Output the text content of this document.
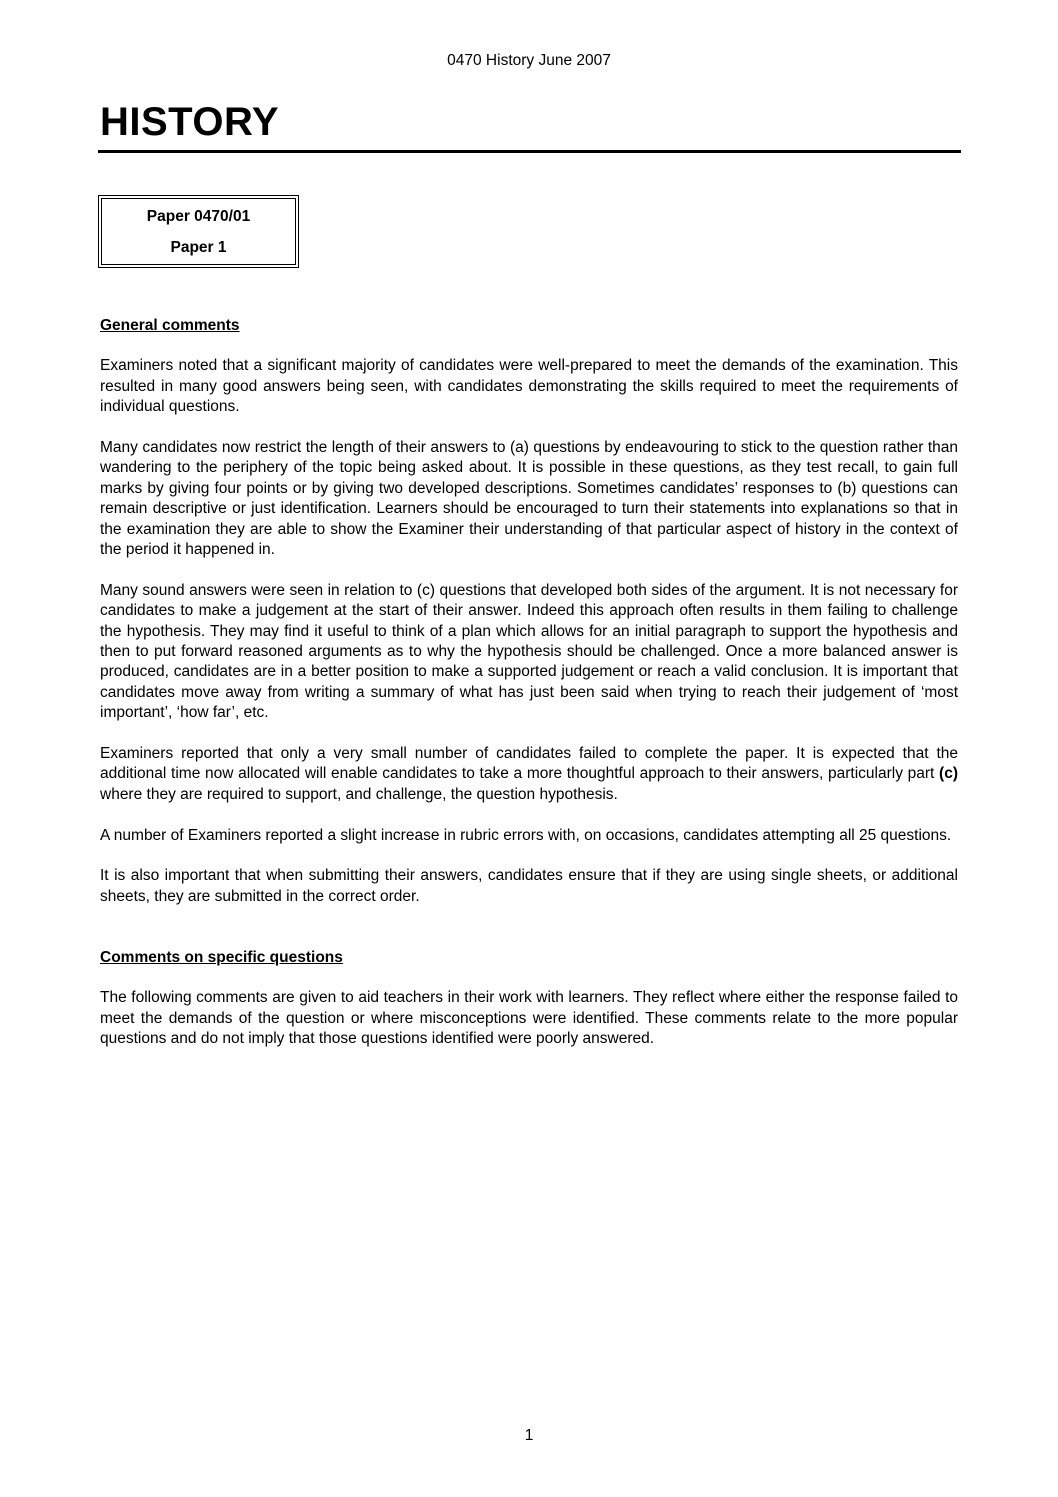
0470 History June 2007
HISTORY
Paper 0470/01
Paper 1
General comments

Examiners noted that a significant majority of candidates were well-prepared to meet the demands of the examination. This resulted in many good answers being seen, with candidates demonstrating the skills required to meet the requirements of individual questions.

Many candidates now restrict the length of their answers to (a) questions by endeavouring to stick to the question rather than wandering to the periphery of the topic being asked about. It is possible in these questions, as they test recall, to gain full marks by giving four points or by giving two developed descriptions. Sometimes candidates’ responses to (b) questions can remain descriptive or just identification. Learners should be encouraged to turn their statements into explanations so that in the examination they are able to show the Examiner their understanding of that particular aspect of history in the context of the period it happened in.

Many sound answers were seen in relation to (c) questions that developed both sides of the argument. It is not necessary for candidates to make a judgement at the start of their answer. Indeed this approach often results in them failing to challenge the hypothesis. They may find it useful to think of a plan which allows for an initial paragraph to support the hypothesis and then to put forward reasoned arguments as to why the hypothesis should be challenged. Once a more balanced answer is produced, candidates are in a better position to make a supported judgement or reach a valid conclusion. It is important that candidates move away from writing a summary of what has just been said when trying to reach their judgement of ‘most important’, ‘how far’, etc.

Examiners reported that only a very small number of candidates failed to complete the paper. It is expected that the additional time now allocated will enable candidates to take a more thoughtful approach to their answers, particularly part (c) where they are required to support, and challenge, the question hypothesis.

A number of Examiners reported a slight increase in rubric errors with, on occasions, candidates attempting all 25 questions.

It is also important that when submitting their answers, candidates ensure that if they are using single sheets, or additional sheets, they are submitted in the correct order.

Comments on specific questions

The following comments are given to aid teachers in their work with learners. They reflect where either the response failed to meet the demands of the question or where misconceptions were identified. These comments relate to the more popular questions and do not imply that those questions identified were poorly answered.

1
